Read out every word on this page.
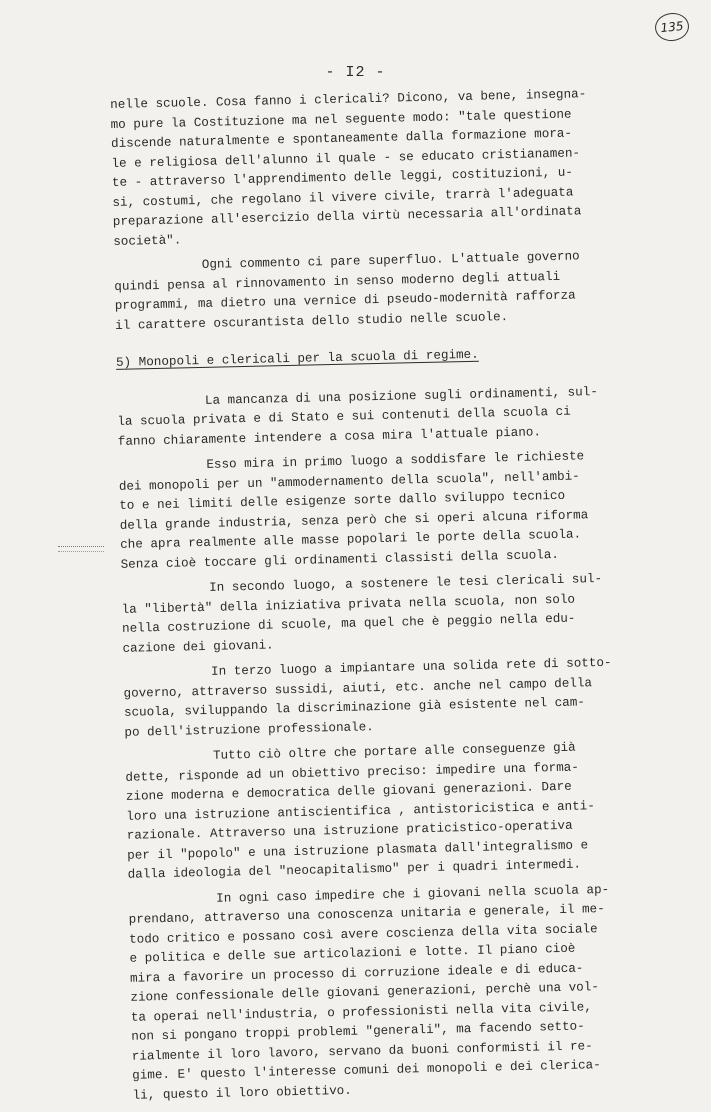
135
- I2 -
nelle scuole. Cosa fanno i clericali? Dicono, va bene, insegna-
mo pure la Costituzione ma nel seguente modo: "tale questione
discende naturalmente e spontaneamente dalla formazione mora-
le e religiosa dell'alunno il quale - se educato cristianamen-
te - attraverso l'apprendimento delle leggi, costituzioni, u-
si, costumi, che regolano il vivere civile, trarrà l'adeguata
preparazione all'esercizio della virtù necessaria all'ordinata
società".
Ogni commento ci pare superfluo. L'attuale governo
quindi pensa al rinnovamento in senso moderno degli attuali
programmi, ma dietro una vernice di pseudo-modernità rafforza
il carattere oscurantista dello studio nelle scuole.
5) Monopoli e clericali per la scuola di regime.
La mancanza di una posizione sugli ordinamenti, sul-
la scuola privata e di Stato e sui contenuti della scuola ci
fanno chiaramente intendere a cosa mira l'attuale piano.
Esso mira in primo luogo a soddisfare le richieste
dei monopoli per un "ammodernamento della scuola", nell'ambi-
to e nei limiti delle esigenze sorte dallo sviluppo tecnico
della grande industria, senza però che si operi alcuna riforma
che apra realmente alle masse popolari le porte della scuola.
Senza cioè toccare gli ordinamenti classisti della scuola.
In secondo luogo, a sostenere le tesi clericali sul-
la "libertà" della iniziativa privata nella scuola, non solo
nella costruzione di scuole, ma quel che è peggio nella edu-
cazione dei giovani.
In terzo luogo a impiantare una solida rete di sotto-
governo, attraverso sussidi, aiuti, etc. anche nel campo della
scuola, sviluppando la discriminazione già esistente nel cam-
po dell'istruzione professionale.
Tutto ciò oltre che portare alle conseguenze già
dette, risponde ad un obiettivo preciso: impedire una forma-
zione moderna e democratica delle giovani generazioni. Dare
loro una istruzione antiscientifica , antistoricistica e anti-
razionale. Attraverso una istruzione praticistico-operativa
per il "popolo" e una istruzione plasmata dall'integralismo e
dalla ideologia del "neocapitalismo" per i quadri intermedi.
In ogni caso impedire che i giovani nella scuola ap-
prendano, attraverso una conoscenza unitaria e generale, il me-
todo critico e possano così avere coscienza della vita sociale
e politica e delle sue articolazioni e lotte. Il piano cioè
mira a favorire un processo di corruzione ideale e di educa-
zione confessionale delle giovani generazioni, perchè una vol-
ta operai nell'industria, o professionisti nella vita civile,
non si pongano troppi problemi "generali", ma facendo setto-
rialmente il loro lavoro, servano da buoni conformisti il re-
gime. E' questo l'interesse comuni dei monopoli e dei clerica-
li, questo il loro obiettivo.
